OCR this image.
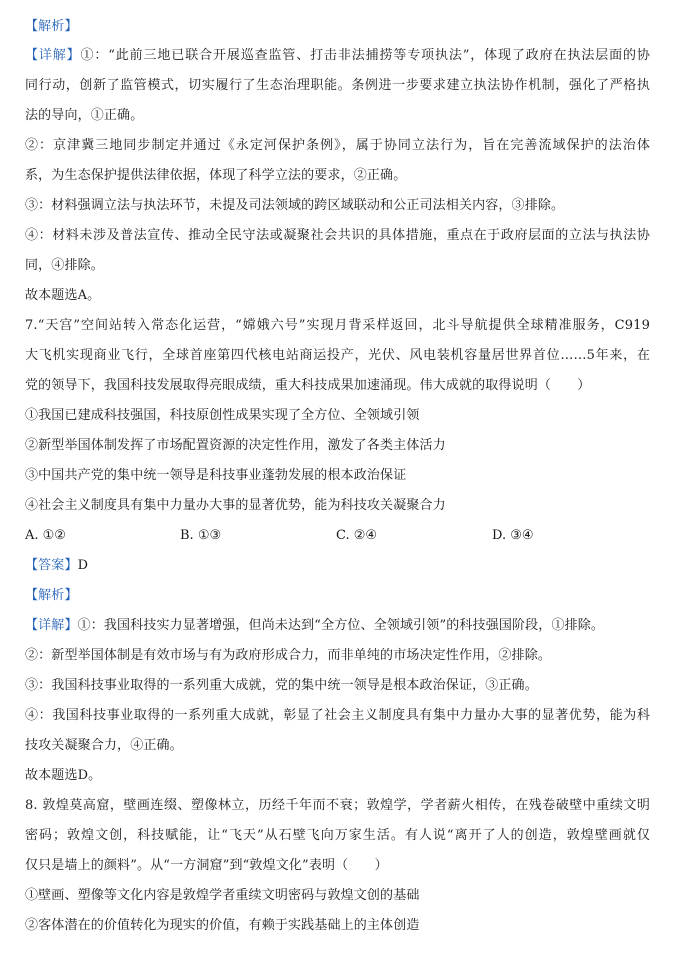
【解析】
【详解】①：“此前三地已联合开展巡查监管、打击非法捕捞等专项执法”，体现了政府在执法层面的协
同行动，创新了监管模式，切实履行了生态治理职能。条例进一步要求建立执法协作机制，强化了严格执
法的导向，①正确。
②：京津冀三地同步制定并通过《永定河保护条例》，属于协同立法行为，旨在完善流域保护的法治体
系，为生态保护提供法律依据，体现了科学立法的要求，②正确。
③：材料强调立法与执法环节，未提及司法领域的跨区域联动和公正司法相关内容，③排除。
④：材料未涉及普法宣传、推动全民守法或凝聚社会共识的具体措施，重点在于政府层面的立法与执法协
同，④排除。
故本题选A。
7.“天宫”空间站转入常态化运营，“嫦娥六号”实现月背采样返回，北斗导航提供全球精准服务，C919
大飞机实现商业飞行，全球首座第四代核电站商运投产，光伏、风电装机容量居世界首位……5年来，在
党的领导下，我国科技发展取得亮眼成绩，重大科技成果加速涌现。伟大成就的取得说明（　　）
①我国已建成科技强国，科技原创性成果实现了全方位、全领域引领
②新型举国体制发挥了市场配置资源的决定性作用，激发了各类主体活力
③中国共产党的集中统一领导是科技事业蓬勃发展的根本政治保证
④社会主义制度具有集中力量办大事的显著优势，能为科技攻关凝聚合力
A. ①②	B. ①③	C. ②④	D. ③④
【答案】D
【解析】
【详解】①：我国科技实力显著增强，但尚未达到“全方位、全领域引领”的科技强国阶段，①排除。
②：新型举国体制是有效市场与有为政府形成合力，而非单纯的市场决定性作用，②排除。
③：我国科技事业取得的一系列重大成就，党的集中统一领导是根本政治保证，③正确。
④：我国科技事业取得的一系列重大成就，彰显了社会主义制度具有集中力量办大事的显著优势，能为科
技攻关凝聚合力，④正确。
故本题选D。
8. 敦煌莫高窟，壁画连缀、塑像林立，历经千年而不衰；敦煌学，学者薪火相传，在残卷破壁中重续文明
密码；敦煌文创，科技赋能，让“飞天”从石壁飞向万家生活。有人说“离开了人的创造，敦煌壁画就仅
仅只是墙上的颜料”。从“一方洞窟”到“敦煌文化”表明（　　）
①壁画、塑像等文化内容是敦煌学者重续文明密码与敦煌文创的基础
②客体潜在的价值转化为现实的价值，有赖于实践基础上的主体创造
